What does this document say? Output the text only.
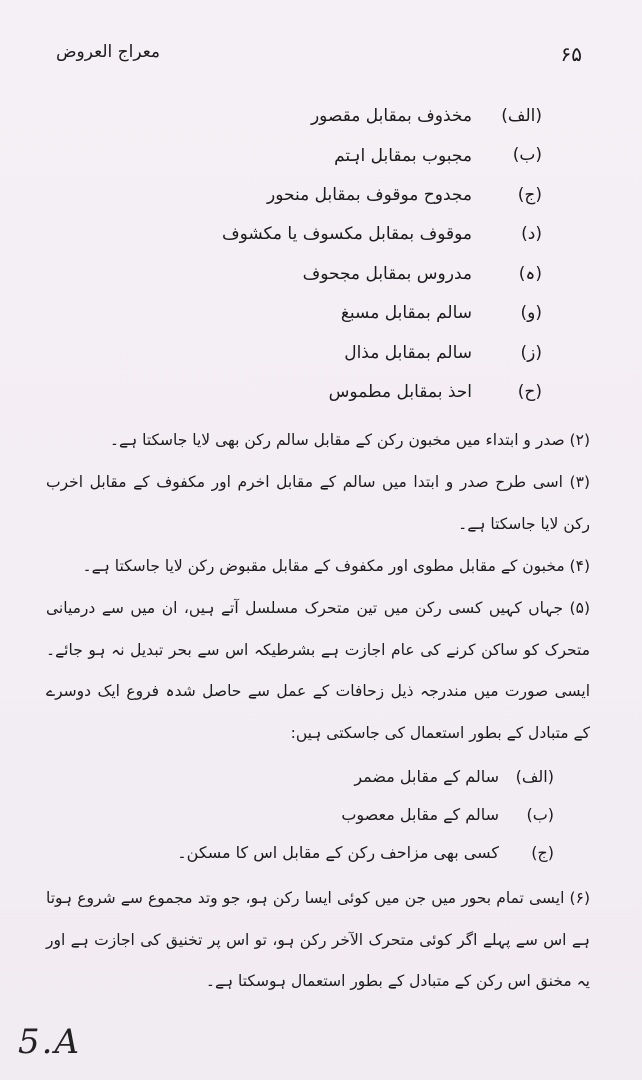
معراج العروض	۶۵
(الف)
مخذوف بمقابل مقصور
(ب)
مجبوب بمقابل اہتم
(ج)
مجدوح موقوف بمقابل منحور
(د)
موقوف بمقابل مکسوف یا مکشوف
(ہ)
مدروس بمقابل مجحوف
(و)
سالم بمقابل مسبغ
(ز)
سالم بمقابل مذال
(ح)
احذ بمقابل مطموس
(۲) صدر و ابتداء میں مخبون رکن کے مقابل سالم رکن بھی لایا جاسکتا ہے۔
(۳) اسی طرح صدر و ابتدا میں سالم کے مقابل اخرم اور مکفوف کے مقابل اخرب رکن لایا جاسکتا ہے۔
(۴) مخبون کے مقابل مطوی اور مکفوف کے مقابل مقبوض رکن لایا جاسکتا ہے۔
(۵) جہاں کہیں کسی رکن میں تین متحرک مسلسل آتے ہیں، ان میں سے درمیانی متحرک کو ساکن کرنے کی عام اجازت ہے بشرطیکہ اس سے بحر تبدیل نہ ہو جائے۔ ایسی صورت میں مندرجہ ذیل زحافات کے عمل سے حاصل شدہ فروع ایک دوسرے کے متبادل کے بطور استعمال کی جاسکتی ہیں:
(الف)
سالم کے مقابل مضمر
(ب)
سالم کے مقابل معصوب
(ج)
کسی بھی مزاحف رکن کے مقابل اس کا مسکن۔
(۶) ایسی تمام بحور میں جن میں کوئی ایسا رکن ہو، جو وتد مجموع سے شروع ہوتا ہے اس سے پہلے اگر کوئی متحرک الآخر رکن ہو، تو اس پر تخنیق کی اجازت ہے اور یہ مخنق اس رکن کے متبادل کے بطور استعمال ہوسکتا ہے۔
5.A
